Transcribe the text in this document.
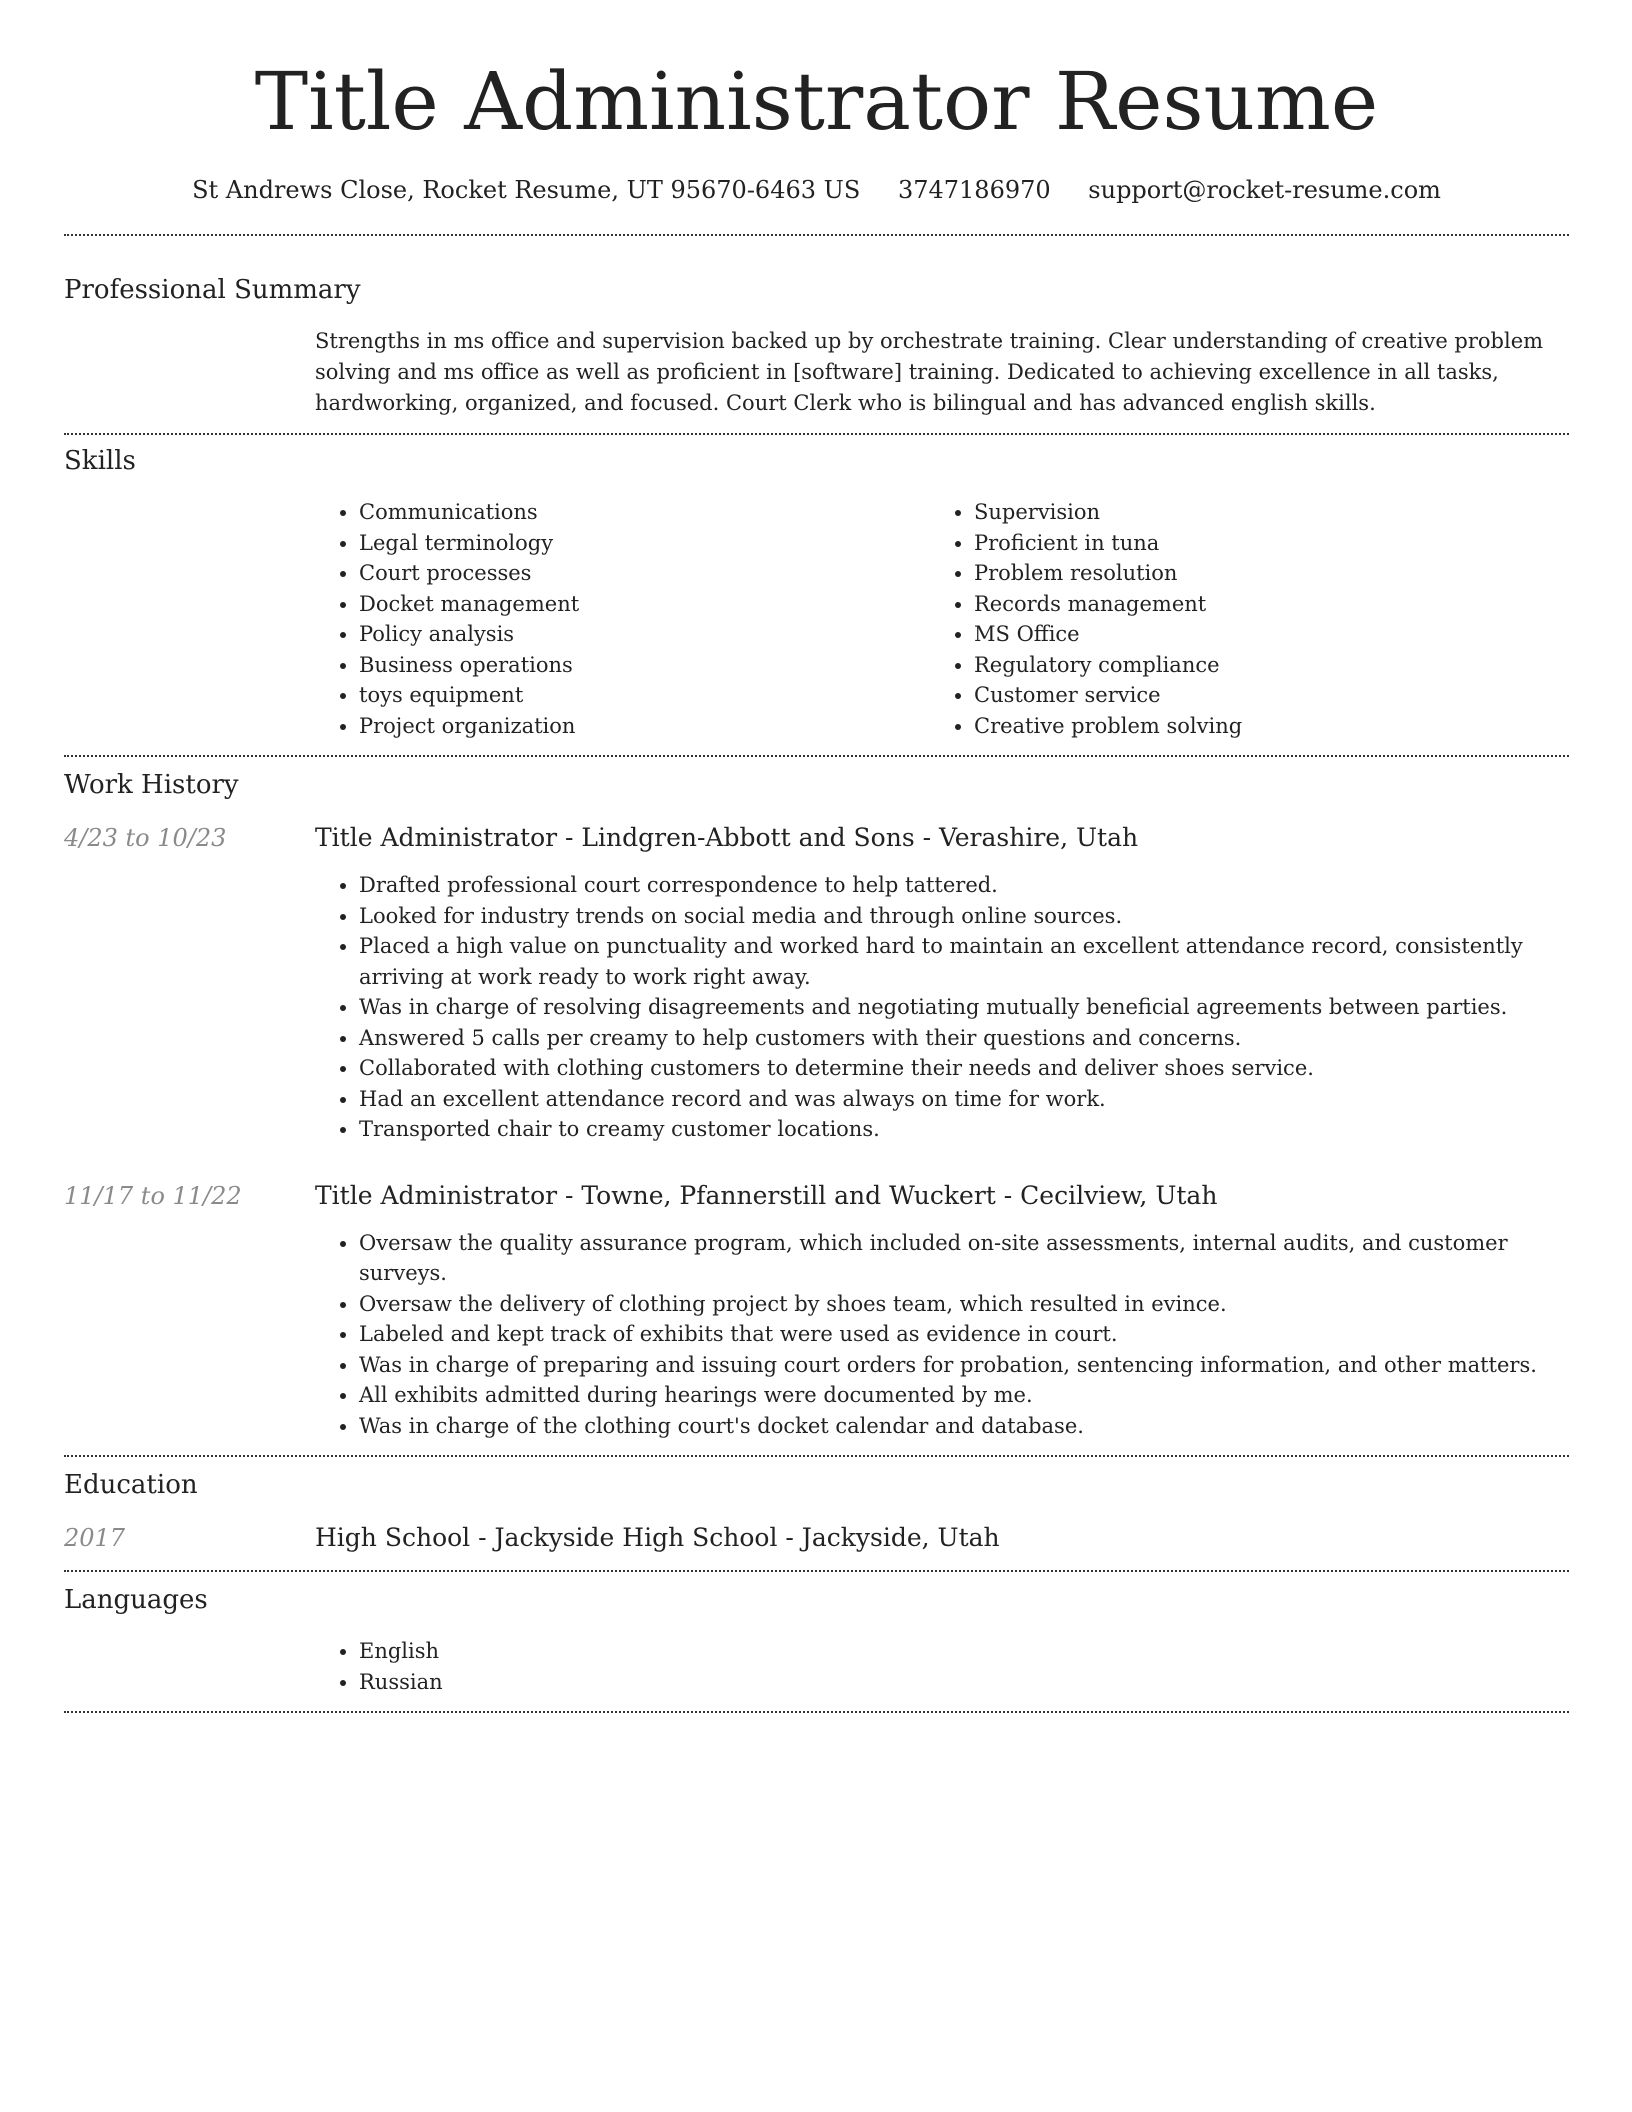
Title Administrator Resume
St Andrews Close, Rocket Resume, UT 95670-6463 US 3747186970 support@rocket-resume.com
Professional Summary
Strengths in ms office and supervision backed up by orchestrate training. Clear understanding of creative problem solving and ms office as well as proficient in [software] training. Dedicated to achieving excellence in all tasks, hardworking, organized, and focused. Court Clerk who is bilingual and has advanced english skills.
Skills
• Communications
• Legal terminology
• Court processes
• Docket management
• Policy analysis
• Business operations
• toys equipment
• Project organization
• Supervision
• Proficient in tuna
• Problem resolution
• Records management
• MS Office
• Regulatory compliance
• Customer service
• Creative problem solving
Work History
4/23 to 10/23	Title Administrator - Lindgren-Abbott and Sons - Verashire, Utah
• Drafted professional court correspondence to help tattered.
• Looked for industry trends on social media and through online sources.
• Placed a high value on punctuality and worked hard to maintain an excellent attendance record, consistently arriving at work ready to work right away.
• Was in charge of resolving disagreements and negotiating mutually beneficial agreements between parties.
• Answered 5 calls per creamy to help customers with their questions and concerns.
• Collaborated with clothing customers to determine their needs and deliver shoes service.
• Had an excellent attendance record and was always on time for work.
• Transported chair to creamy customer locations.
11/17 to 11/22	Title Administrator - Towne, Pfannerstill and Wuckert - Cecilview, Utah
• Oversaw the quality assurance program, which included on-site assessments, internal audits, and customer surveys.
• Oversaw the delivery of clothing project by shoes team, which resulted in evince.
• Labeled and kept track of exhibits that were used as evidence in court.
• Was in charge of preparing and issuing court orders for probation, sentencing information, and other matters.
• All exhibits admitted during hearings were documented by me.
• Was in charge of the clothing court's docket calendar and database.
Education
2017	High School - Jackyside High School - Jackyside, Utah
Languages
• English
• Russian
